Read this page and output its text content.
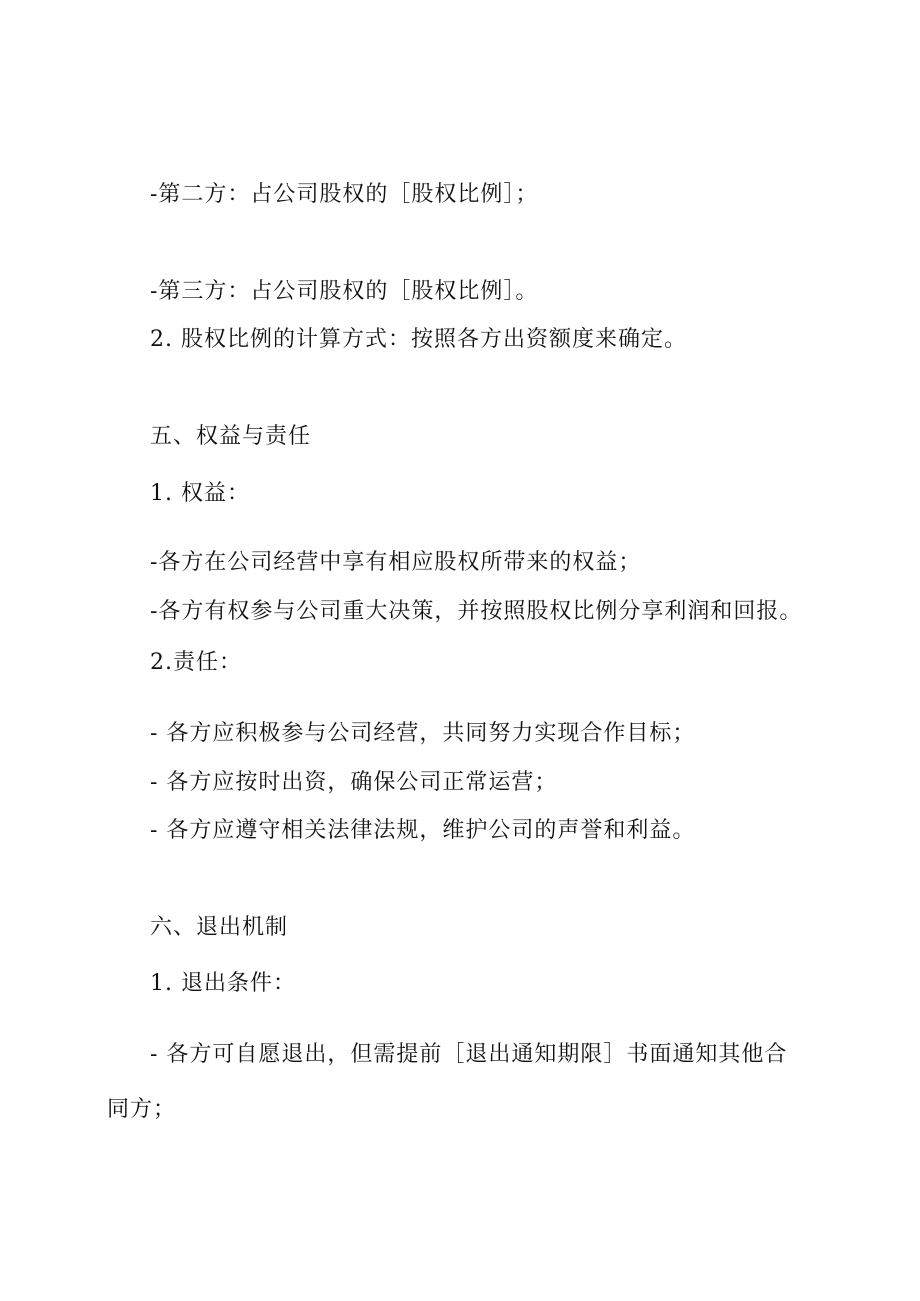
-第二方：占公司股权的［股权比例］；

-第三方：占公司股权的［股权比例］。

2. 股权比例的计算方式：按照各方出资额度来确定。

五、权益与责任

1. 权益：

-各方在公司经营中享有相应股权所带来的权益；

-各方有权参与公司重大决策，并按照股权比例分享利润和回报。

2.责任：

- 各方应积极参与公司经营，共同努力实现合作目标；

- 各方应按时出资，确保公司正常运营；

- 各方应遵守相关法律法规，维护公司的声誉和利益。

六、退出机制

1. 退出条件：

- 各方可自愿退出，但需提前［退出通知期限］书面通知其他合

同方；
